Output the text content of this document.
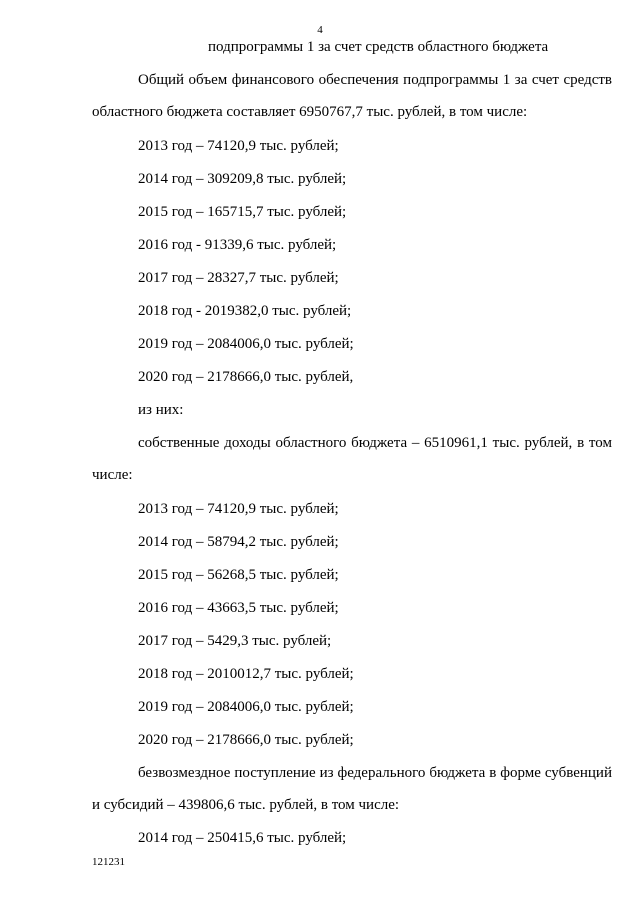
4
подпрограммы 1 за счет средств областного бюджета
Общий объем финансового обеспечения подпрограммы 1 за счет средств
областного бюджета составляет 6950767,7 тыс. рублей, в том числе:
2013 год – 74120,9 тыс. рублей;
2014 год – 309209,8 тыс. рублей;
2015 год – 165715,7 тыс. рублей;
2016 год - 91339,6 тыс. рублей;
2017 год – 28327,7 тыс. рублей;
2018 год - 2019382,0 тыс. рублей;
2019 год – 2084006,0 тыс. рублей;
2020 год – 2178666,0 тыс. рублей,
из них:
собственные доходы областного бюджета – 6510961,1 тыс. рублей, в том
числе:
2013 год – 74120,9 тыс. рублей;
2014 год – 58794,2 тыс. рублей;
2015 год – 56268,5 тыс. рублей;
2016 год – 43663,5 тыс. рублей;
2017 год – 5429,3 тыс. рублей;
2018 год – 2010012,7 тыс. рублей;
2019 год – 2084006,0 тыс. рублей;
2020 год – 2178666,0 тыс. рублей;
безвозмездное поступление из федерального бюджета в форме субвенций
и субсидий – 439806,6 тыс. рублей, в том числе:
2014 год – 250415,6 тыс. рублей;
121231
